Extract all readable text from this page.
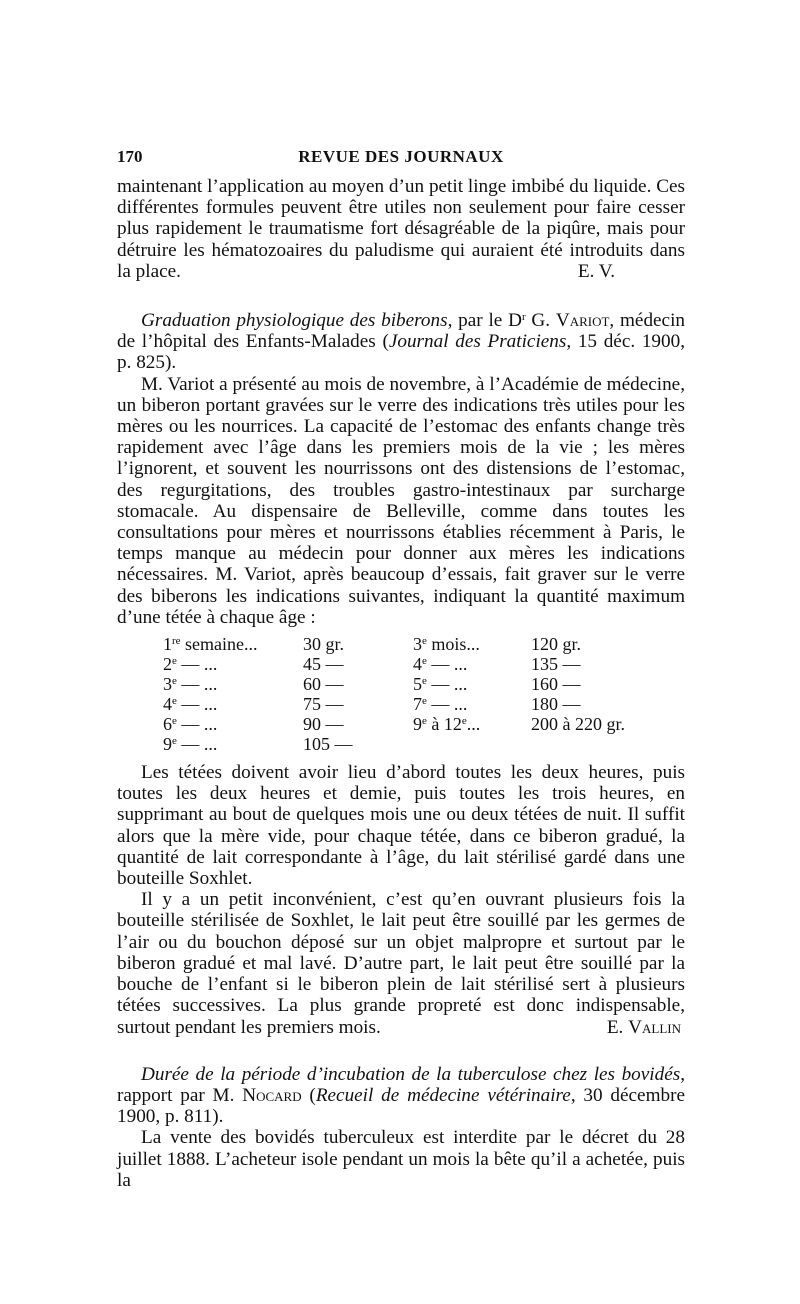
170	REVUE DES JOURNAUX

maintenant l’application au moyen d’un petit linge imbibé du liquide. Ces différentes formules peuvent être utiles non seulement pour faire cesser plus rapidement le traumatisme fort désagréable de la piqûre, mais pour détruire les hématozoaires du paludisme qui auraient été introduits dans la place.	E. V.

Graduation physiologique des biberons, par le $D^r$ G. Variot, médecin de l’hôpital des Enfants-Malades (Journal des Praticiens, 15 déc. 1900, p. 825).

M. Variot a présenté au mois de novembre, à l’Académie de médecine, un biberon portant gravées sur le verre des indications très utiles pour les mères ou les nourrices. La capacité de l’estomac des enfants change très rapidement avec l’âge dans les premiers mois de la vie ; les mères l’ignorent, et souvent les nourrissons ont des distensions de l’estomac, des regurgitations, des troubles gastro-intestinaux par surcharge stomacale. Au dispensaire de Belleville, comme dans toutes les consultations pour mères et nourrissons établies récemment à Paris, le temps manque au médecin pour donner aux mères les indications nécessaires. M. Variot, après beaucoup d’essais, fait graver sur le verre des biberons les indications suivantes, indiquant la quantité maximum d’une tétée à chaque âge :

1re semaine...	30 gr.	3e mois...	120 gr.
2e — ...	45 —	4e — ...	135 —
3e — ...	60 —	5e — ...	160 —
4e — ...	75 —	7e — ...	180 —
6e — ...	90 —	9e à 12e...	200 à 220 gr.
9e — ...	105 —		

Les tétées doivent avoir lieu d’abord toutes les deux heures, puis toutes les deux heures et demie, puis toutes les trois heures, en supprimant au bout de quelques mois une ou deux tétées de nuit. Il suffit alors que la mère vide, pour chaque tétée, dans ce biberon gradué, la quantité de lait correspondante à l’âge, du lait stérilisé gardé dans une bouteille Soxhlet.

Il y a un petit inconvénient, c’est qu’en ouvrant plusieurs fois la bouteille stérilisée de Soxhlet, le lait peut être souillé par les germes de l’air ou du bouchon déposé sur un objet malpropre et surtout par le biberon gradué et mal lavé. D’autre part, le lait peut être souillé par la bouche de l’enfant si le biberon plein de lait stérilisé sert à plusieurs tétées successives. La plus grande propreté est donc indispensable, surtout pendant les premiers mois.	E. Vallin

Durée de la période d’incubation de la tuberculose chez les bovidés, rapport par M. Nocard (Recueil de médecine vétérinaire, 30 décembre 1900, p. 811).

La vente des bovidés tuberculeux est interdite par le décret du 28 juillet 1888. L’acheteur isole pendant un mois la bête qu’il a achetée, puis la
